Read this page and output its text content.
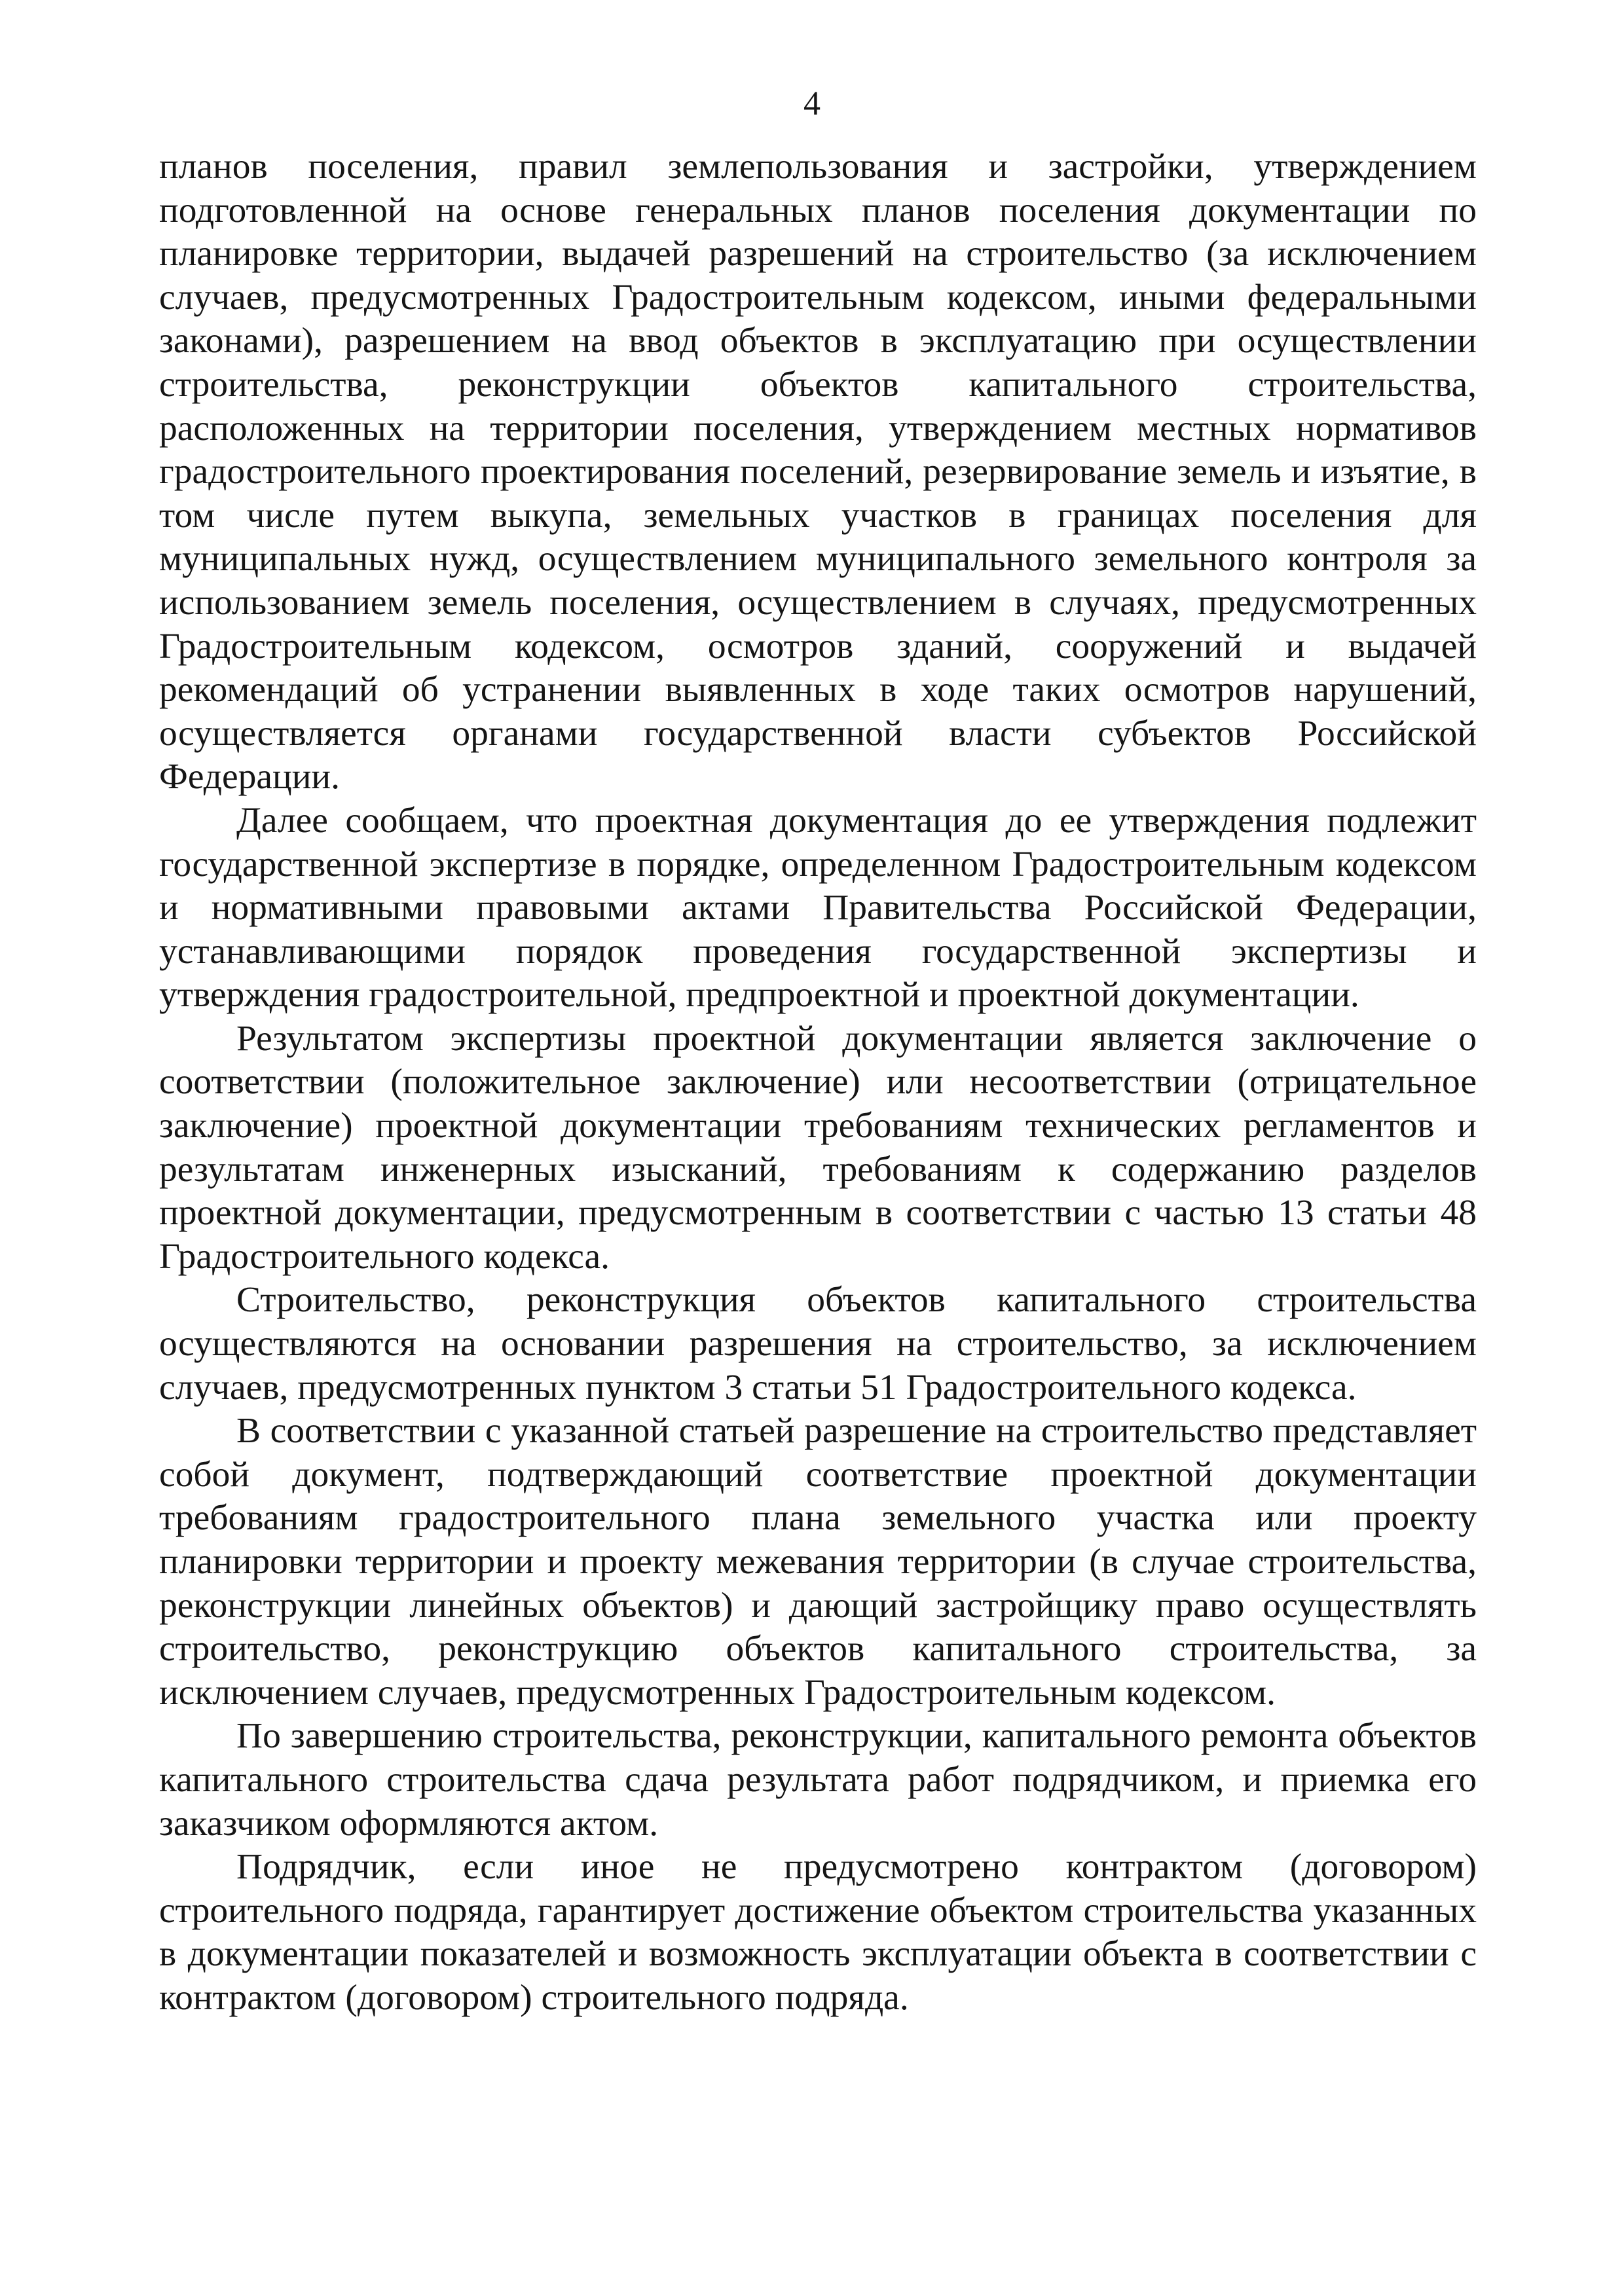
4

планов поселения, правил землепользования и застройки, утверждением подготовленной на основе генеральных планов поселения документации по планировке территории, выдачей разрешений на строительство (за исключением случаев, предусмотренных Градостроительным кодексом, иными федеральными законами), разрешением на ввод объектов в эксплуатацию при осуществлении строительства, реконструкции объектов капитального строительства, расположенных на территории поселения, утверждением местных нормативов градостроительного проектирования поселений, резервирование земель и изъятие, в том числе путем выкупа, земельных участков в границах поселения для муниципальных нужд, осуществлением муниципального земельного контроля за использованием земель поселения, осуществлением в случаях, предусмотренных Градостроительным кодексом, осмотров зданий, сооружений и выдачей рекомендаций об устранении выявленных в ходе таких осмотров нарушений, осуществляется органами государственной власти субъектов Российской Федерации.

Далее сообщаем, что проектная документация до ее утверждения подлежит государственной экспертизе в порядке, определенном Градостроительным кодексом и нормативными правовыми актами Правительства Российской Федерации, устанавливающими порядок проведения государственной экспертизы и утверждения градостроительной, предпроектной и проектной документации.

Результатом экспертизы проектной документации является заключение о соответствии (положительное заключение) или несоответствии (отрицательное заключение) проектной документации требованиям технических регламентов и результатам инженерных изысканий, требованиям к содержанию разделов проектной документации, предусмотренным в соответствии с частью 13 статьи 48 Градостроительного кодекса.

Строительство, реконструкция объектов капитального строительства осуществляются на основании разрешения на строительство, за исключением случаев, предусмотренных пунктом 3 статьи 51 Градостроительного кодекса.

В соответствии с указанной статьей разрешение на строительство представляет собой документ, подтверждающий соответствие проектной документации требованиям градостроительного плана земельного участка или проекту планировки территории и проекту межевания территории (в случае строительства, реконструкции линейных объектов) и дающий застройщику право осуществлять строительство, реконструкцию объектов капитального строительства, за исключением случаев, предусмотренных Градостроительным кодексом.

По завершению строительства, реконструкции, капитального ремонта объектов капитального строительства сдача результата работ подрядчиком, и приемка его заказчиком оформляются актом.

Подрядчик, если иное не предусмотрено контрактом (договором) строительного подряда, гарантирует достижение объектом строительства указанных в документации показателей и возможность эксплуатации объекта в соответствии с контрактом (договором) строительного подряда.
